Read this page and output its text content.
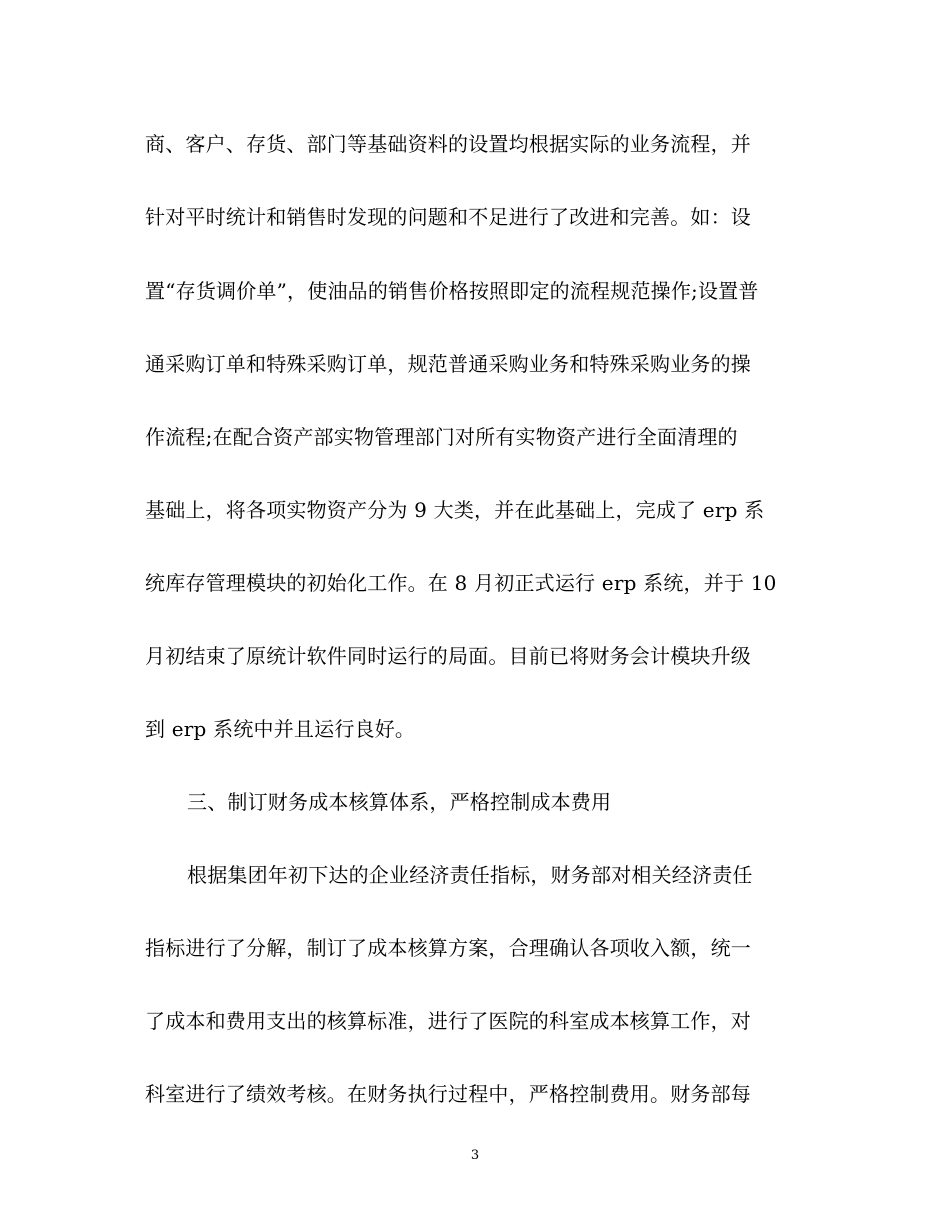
商、客户、存货、部门等基础资料的设置均根据实际的业务流程，并
针对平时统计和销售时发现的问题和不足进行了改进和完善。如：设
置“存货调价单”，使油品的销售价格按照即定的流程规范操作;设置普
通采购订单和特殊采购订单，规范普通采购业务和特殊采购业务的操
作流程;在配合资产部实物管理部门对所有实物资产进行全面清理的
基础上，将各项实物资产分为 9 大类，并在此基础上，完成了 erp 系
统库存管理模块的初始化工作。在 8 月初正式运行 erp 系统，并于 10
月初结束了原统计软件同时运行的局面。目前已将财务会计模块升级
到 erp 系统中并且运行良好。
三、制订财务成本核算体系，严格控制成本费用
根据集团年初下达的企业经济责任指标，财务部对相关经济责任
指标进行了分解，制订了成本核算方案，合理确认各项收入额，统一
了成本和费用支出的核算标准，进行了医院的科室成本核算工作，对
科室进行了绩效考核。在财务执行过程中，严格控制费用。财务部每
3
